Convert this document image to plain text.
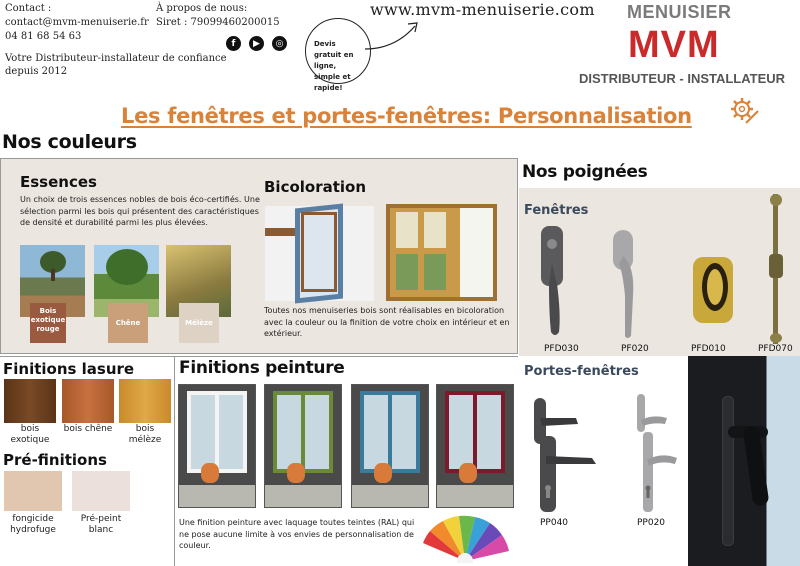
Contact :
contact@mvm-menuiserie.fr
04 81 68 54 63
À propos de nous:
Siret : 79099460200015
Votre Distributeur-installateur de confiance depuis 2012
f	▶	◎	Devis gratuit en ligne, simple et rapide!
www.mvm-menuiserie.com MENUISIER
MVM
DISTRIBUTEUR - INSTALLATEUR
Les fenêtres et portes-fenêtres: Personnalisation
Nos couleurs
Essences
Un choix de trois essences nobles de bois éco-certifiés. Une sélection parmi les bois qui présentent des caractéristiques de densité et durabilité parmi les plus élevées.
Bois exotique rouge
Chêne	Mélèze
Bicoloration
Toutes nos menuiseries bois sont réalisables en bicoloration avec la couleur ou la finition de votre choix en intérieur et en extérieur.
Finitions lasure
bois exotique
bois chêne	bois mélèze
Pré-finitions
fongicide hydrofuge
Pré-peint blanc
Finitions peinture
Une finition peinture avec laquage toutes teintes (RAL) qui ne pose aucune limite à vos envies de personnalisation de couleur.
Nos poignées
Fenêtres
PFD030	PF020	PFD010	PFD070
Portes-fenêtres
PP040	PP020
